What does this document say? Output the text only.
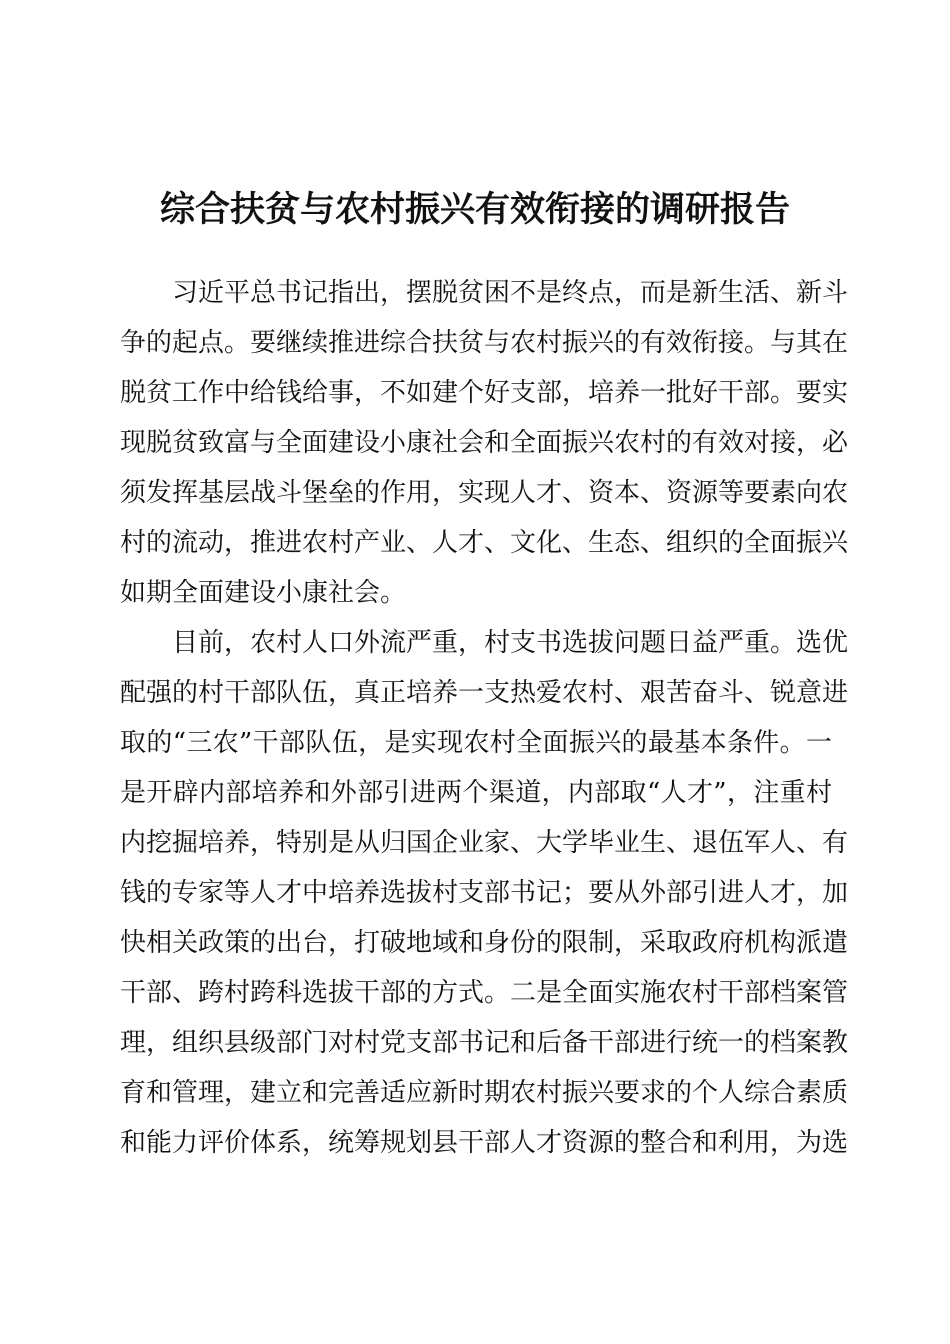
综合扶贫与农村振兴有效衔接的调研报告
习近平总书记指出，摆脱贫困不是终点，而是新生活、新斗
争的起点。要继续推进综合扶贫与农村振兴的有效衔接。与其在
脱贫工作中给钱给事，不如建个好支部，培养一批好干部。要实
现脱贫致富与全面建设小康社会和全面振兴农村的有效对接，必
须发挥基层战斗堡垒的作用，实现人才、资本、资源等要素向农
村的流动，推进农村产业、人才、文化、生态、组织的全面振兴
如期全面建设小康社会。
目前，农村人口外流严重，村支书选拔问题日益严重。选优
配强的村干部队伍，真正培养一支热爱农村、艰苦奋斗、锐意进
取的“三农”干部队伍，是实现农村全面振兴的最基本条件。一
是开辟内部培养和外部引进两个渠道，内部取“人才”，注重村
内挖掘培养，特别是从归国企业家、大学毕业生、退伍军人、有
钱的专家等人才中培养选拔村支部书记；要从外部引进人才，加
快相关政策的出台，打破地域和身份的限制，采取政府机构派遣
干部、跨村跨科选拔干部的方式。二是全面实施农村干部档案管
理，组织县级部门对村党支部书记和后备干部进行统一的档案教
育和管理，建立和完善适应新时期农村振兴要求的个人综合素质
和能力评价体系，统筹规划县干部人才资源的整合和利用，为选
